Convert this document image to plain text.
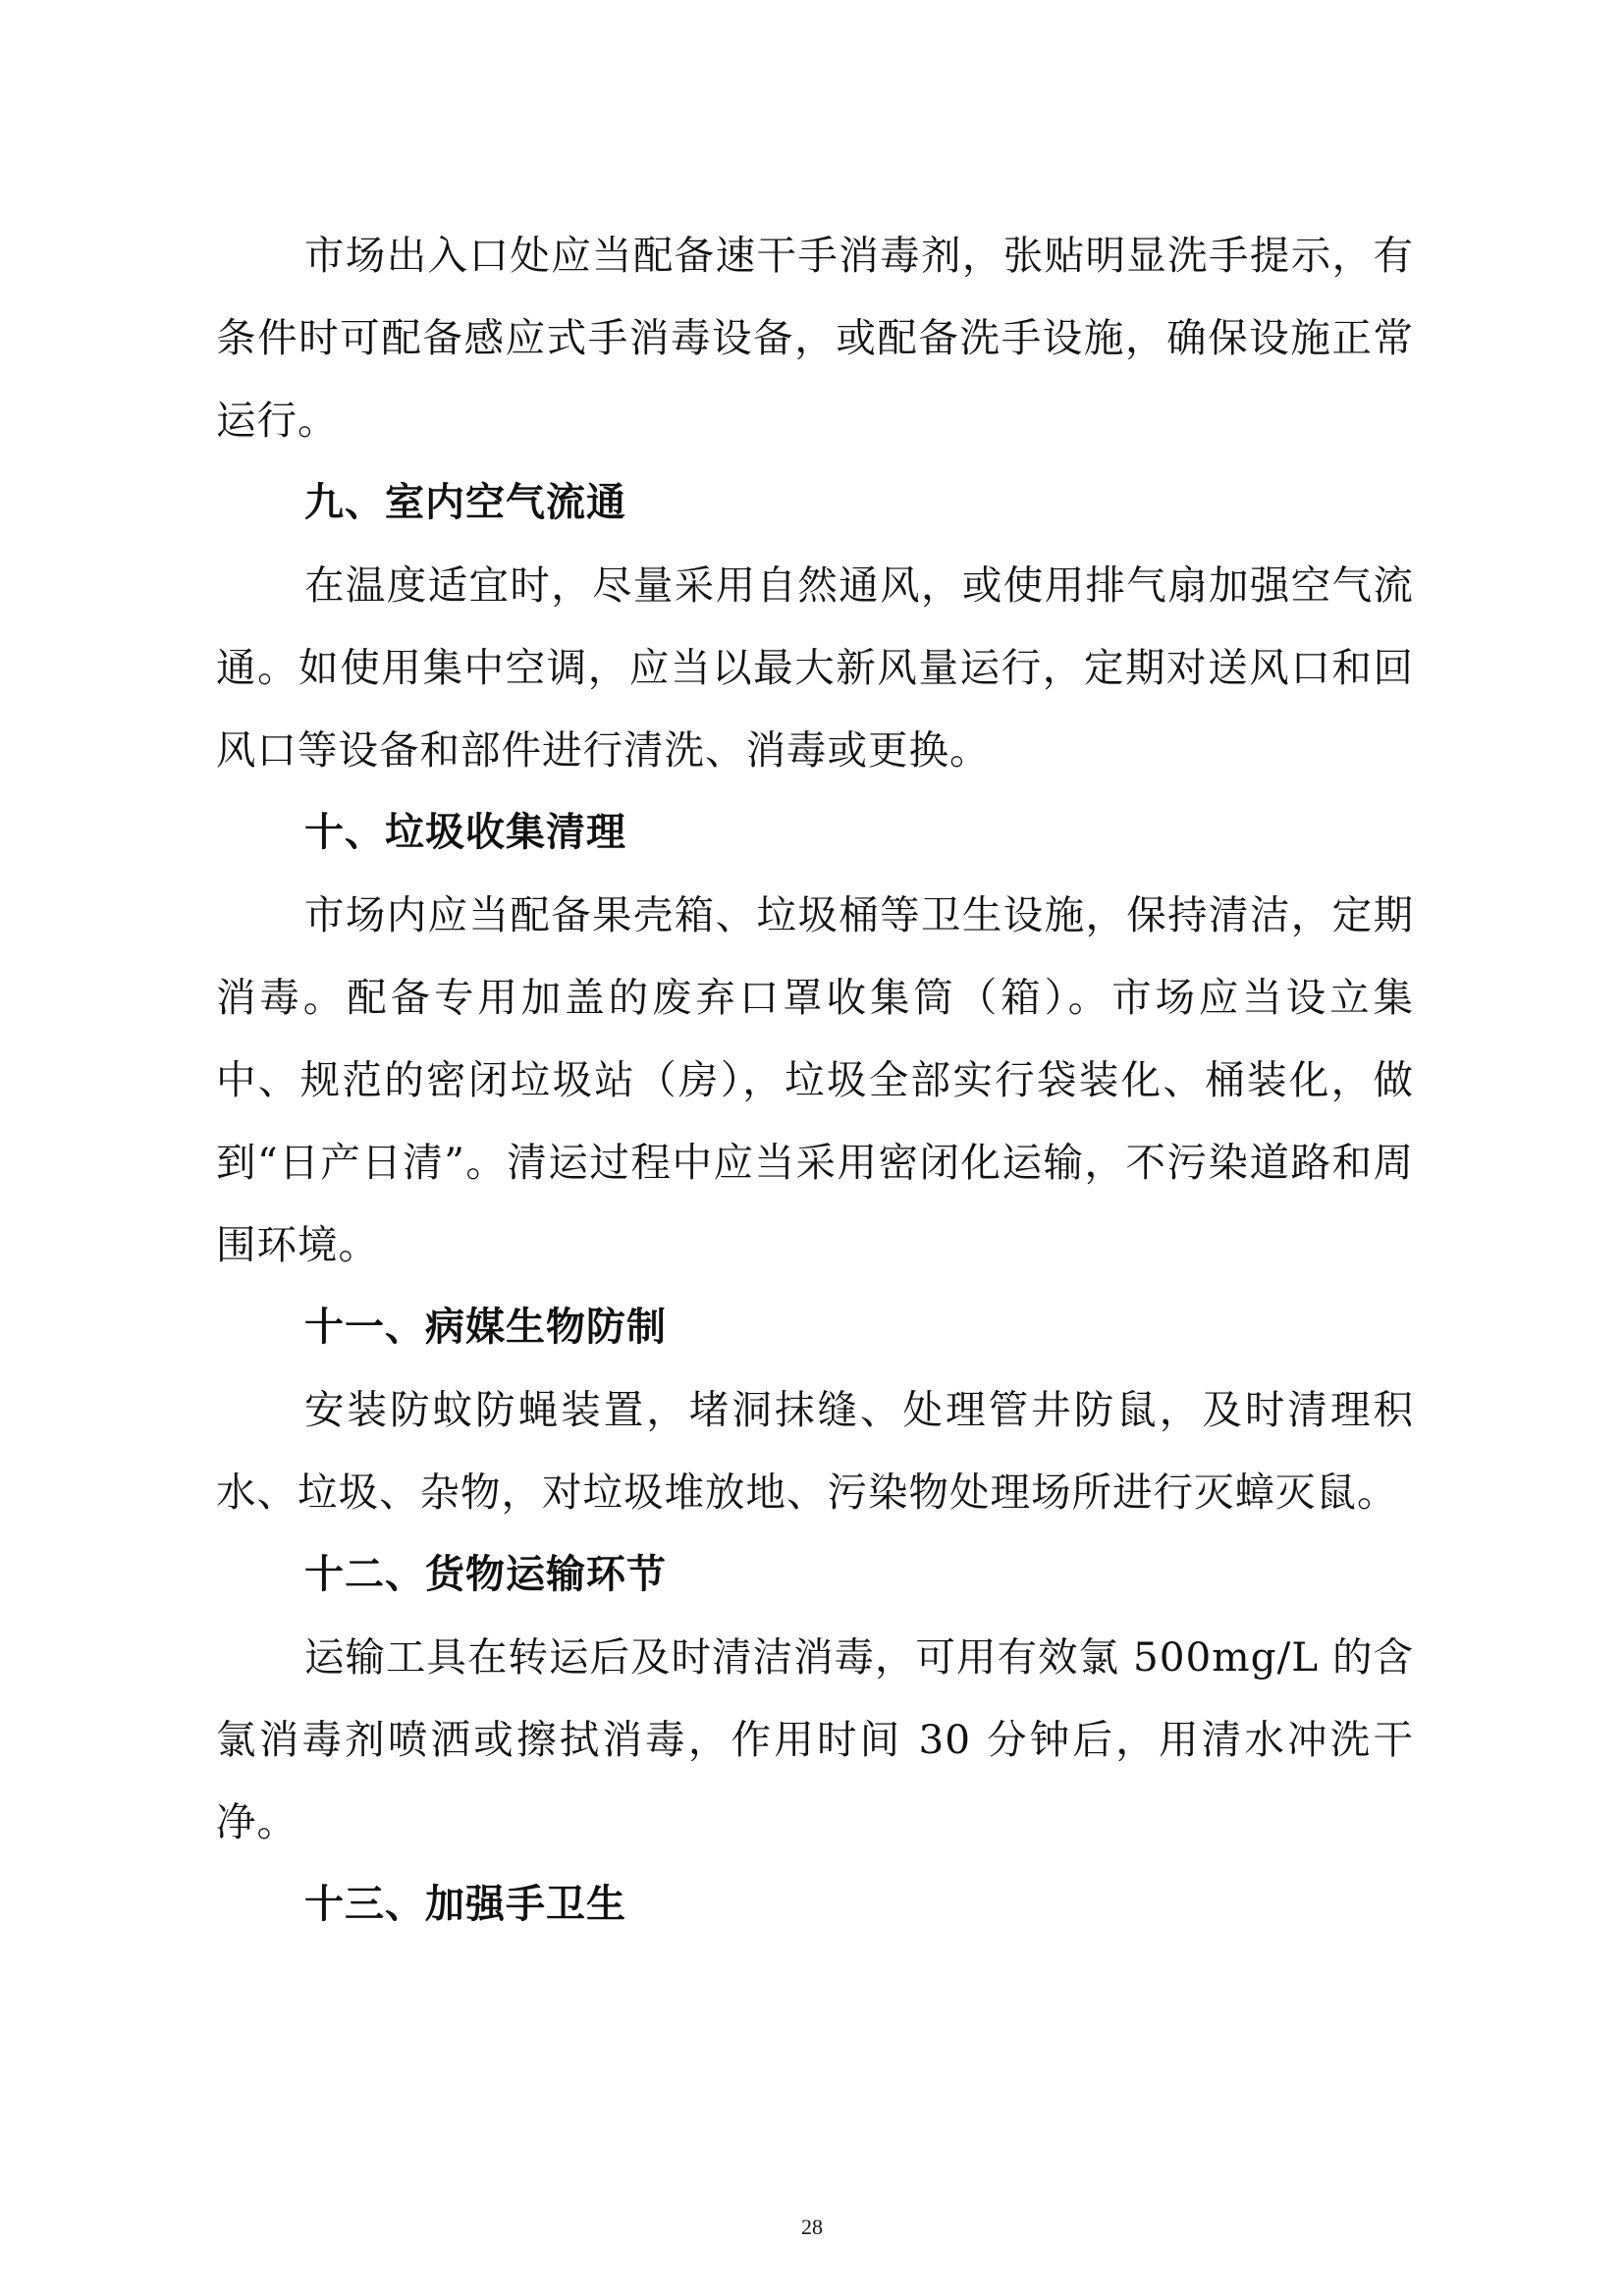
市场出入口处应当配备速干手消毒剂，张贴明显洗手提示，有条件时可配备感应式手消毒设备，或配备洗手设施，确保设施正常运行。

九、室内空气流通

在温度适宜时，尽量采用自然通风，或使用排气扇加强空气流通。如使用集中空调，应当以最大新风量运行，定期对送风口和回风口等设备和部件进行清洗、消毒或更换。

十、垃圾收集清理

市场内应当配备果壳箱、垃圾桶等卫生设施，保持清洁，定期消毒。配备专用加盖的废弃口罩收集筒（箱）。市场应当设立集中、规范的密闭垃圾站（房），垃圾全部实行袋装化、桶装化，做到“日产日清”。清运过程中应当采用密闭化运输，不污染道路和周围环境。

十一、病媒生物防制

安装防蚊防蝇装置，堵洞抹缝、处理管井防鼠，及时清理积水、垃圾、杂物，对垃圾堆放地、污染物处理场所进行灭蟑灭鼠。

十二、货物运输环节

运输工具在转运后及时清洁消毒，可用有效氯 500mg/L 的含氯消毒剂喷洒或擦拭消毒，作用时间 30 分钟后，用清水冲洗干净。

十三、加强手卫生
28
